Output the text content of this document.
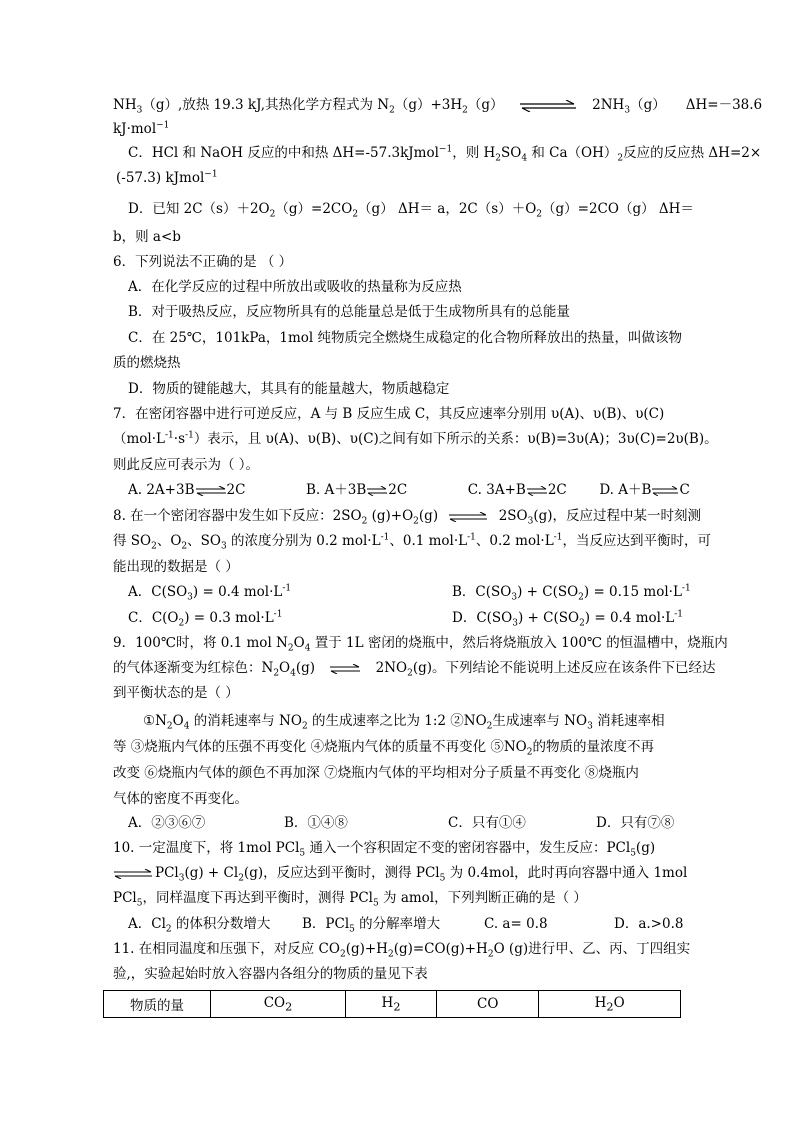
$NH_3(g)$,放热 19.3 kJ,其热化学方程式为 $N_2(g)+3H_2(g)$	$2NH_3(g)$ ΔH=－38.6
kJ·mol$^{-1}$
C．HCl 和 NaOH 反应的中和热 ΔH=-57.3kJmol$^{-1}$，则 $H_2SO_4$ 和 $Ca(OH)_2$反应的反应热 ΔH=2×
(-57.3) kJmol$^{-1}$
D．已知 $2C(s)+2O_2(g)=2CO_2(g)$ ΔH＝ a，$2C(s)+O_2(g)=2CO(g)$ ΔH＝
b，则 a<b
6．下列说法不正确的是 （ ）
A．在化学反应的过程中所放出或吸收的热量称为反应热
B．对于吸热反应，反应物所具有的总能量总是低于生成物所具有的总能量
C．在 25℃，101kPa，1mol 纯物质完全燃烧生成稳定的化合物所释放出的热量，叫做该物
质的燃烧热
D．物质的键能越大，其具有的能量越大，物质越稳定
7．在密闭容器中进行可逆反应，A 与 B 反应生成 C，其反应速率分别用 υ(A)、υ(B)、υ(C)
$(mol\cdot L^{-1}\cdot s^{-1})$表示，且 υ(A)、υ(B)、υ(C)之间有如下所示的关系：υ(B)=3υ(A)；3υ(C)=2υ(B)。
则此反应可表示为（ ）。
A. 2A+3B⇌2C	B. A＋3B⇌2C	C. 3A+B⇌2C D. A＋B⇌C
8. 在一个密闭容器中发生如下反应：$2SO_2$ $(g)+O_2(g)$ ⇌ $2SO_3(g)$，反应过程中某一时刻测
得 $SO_2$、$O_2$、$SO_3$ 的浓度分别为 0.2 $mol\cdot L^{-1}$、0.1 $mol\cdot L^{-1}$、0.2 $mol\cdot L^{-1}$，当反应达到平衡时，可
能出现的数据是（ ）
A．$C(SO_3) = 0.4$ $mol\cdot L^{-1}$	B．$C(SO_3) + C(SO_2) = 0.15$ $mol\cdot L^{-1}$
C．$C(O_2) = 0.3$ $mol\cdot L^{-1}$	D．$C(SO_3) + C(SO_2) = 0.4$ $mol\cdot L^{-1}$
9．100℃时，将 0.1 mol $N_2O_4$ 置于 1L 密闭的烧瓶中，然后将烧瓶放入 100℃ 的恒温槽中，烧瓶内
的气体逐渐变为红棕色：$N_2O_4(g)$ ⇌ $2NO_2(g)$。下列结论不能说明上述反应在该条件下已经达
到平衡状态的是（ ）
$①N_2O_4$ 的消耗速率与 $NO_2$ 的生成速率之比为 1:2 $②NO_2$生成速率与 $NO_3$ 消耗速率相
等 ③烧瓶内气体的压强不再变化 ④烧瓶内气体的质量不再变化 $⑤NO_2$的物质的量浓度不再
改变 ⑥烧瓶内气体的颜色不再加深 ⑦烧瓶内气体的平均相对分子质量不再变化 ⑧烧瓶内
气体的密度不再变化。
A．②③⑥⑦	B．①④⑧	C．只有①④	D．只有⑦⑧
10. 一定温度下，将 1mol PCl$_5$ 通入一个容积固定不变的密闭容器中，发生反应：PCl$_5$(g)
⇌ $PCl_3(g) + Cl_2(g)$，反应达到平衡时，测得 PCl$_5$ 为 0.4mol，此时再向容器中通入 1mol
PCl$_5$，同样温度下再达到平衡时，测得 PCl$_5$ 为 amol，下列判断正确的是（ ）
A．$Cl_2$ 的体积分数增大 B．PCl$_5$ 的分解率增大	C. a= 0.8	D．a.>0.8
11. 在相同温度和压强下，对反应 $CO_2(g)+H_2(g)=CO(g)+H_2O$ (g)进行甲、乙、丙、丁四组实
验,，实验起始时放入容器内各组分的物质的量见下表
物质的量	$CO_2$	$H_2$	CO	$H_2O$
